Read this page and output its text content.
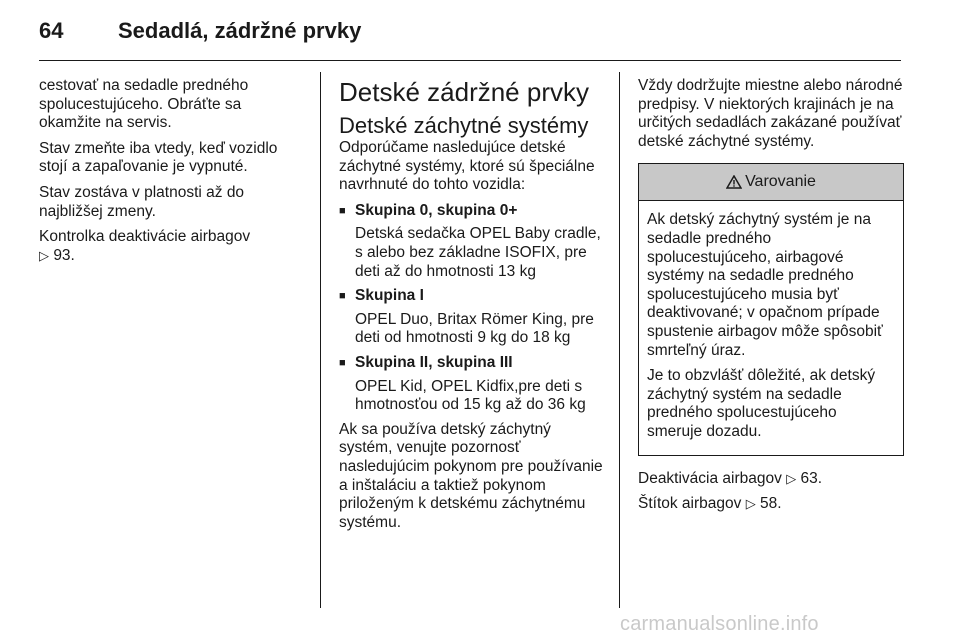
64 Sedadlá, zádržné prvky

cestovať na sedadle predného spolucestujúceho. Obráťte sa okamžite na servis.

Stav zmeňte iba vtedy, keď vozidlo stojí a zapaľovanie je vypnuté.

Stav zostáva v platnosti až do najbližšej zmeny.

Kontrolka deaktivácie airbagov
▷ 93.

Detské zádržné prvky
Detské záchytné systémy

Odporúčame nasledujúce detské záchytné systémy, ktoré sú špeciálne navrhnuté do tohto vozidla:

■ Skupina 0, skupina 0+
Detská sedačka OPEL Baby cradle, s alebo bez základne ISOFIX, pre deti až do hmotnosti 13 kg
■ Skupina I
OPEL Duo, Britax Römer King, pre deti od hmotnosti 9 kg do 18 kg
■ Skupina II, skupina III
OPEL Kid, OPEL Kidfix,pre deti s hmotnosťou od 15 kg až do 36 kg

Ak sa používa detský záchytný systém, venujte pozornosť nasledujúcim pokynom pre používanie a inštaláciu a taktiež pokynom priloženým k detskému záchytnému systému.

Vždy dodržujte miestne alebo národné predpisy. V niektorých krajinách je na určitých sedadlách zakázané používať detské záchytné systémy.

Varovanie

Ak detský záchytný systém je na sedadle predného spolucestujúceho, airbagové systémy na sedadle predného spolucestujúceho musia byť deaktivované; v opačnom prípade spustenie airbagov môže spôsobiť smrteľný úraz.

Je to obzvlášť dôležité, ak detský záchytný systém na sedadle predného spolucestujúceho smeruje dozadu.

Deaktivácia airbagov ▷ 63.

Štítok airbagov ▷ 58.

carmanualsonline.info
